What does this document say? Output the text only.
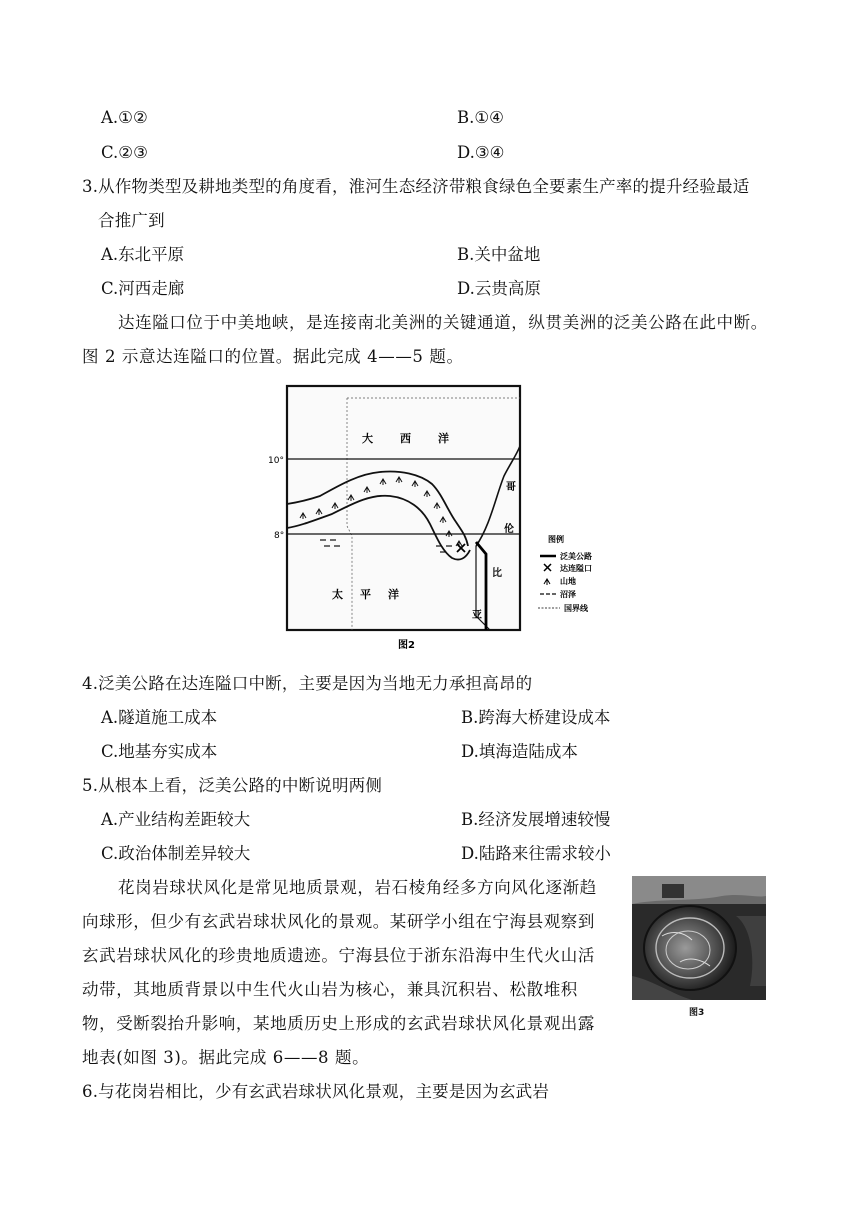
A.①②	B.①④
C.②③	D.③④
3.从作物类型及耕地类型的角度看，淮河生态经济带粮食绿色全要素生产率的提升经验最适
合推广到
A.东北平原	B.关中盆地
C.河西走廊	D.云贵高原
达连隘口位于中美地峡，是连接南北美洲的关键通道，纵贯美洲的泛美公路在此中断。
图 2 示意达连隘口的位置。据此完成 4——5 题。
10°
8°
大 西 洋
太 平 洋
哥
伦
比
亚
图例
泛美公路
达连隘口
山地
沼泽
国界线
图2
4.泛美公路在达连隘口中断，主要是因为当地无力承担高昂的
A.隧道施工成本	B.跨海大桥建设成本
C.地基夯实成本	D.填海造陆成本
5.从根本上看，泛美公路的中断说明两侧
A.产业结构差距较大	B.经济发展增速较慢
C.政治体制差异较大	D.陆路来往需求较小
花岗岩球状风化是常见地质景观，岩石棱角经多方向风化逐渐趋
向球形，但少有玄武岩球状风化的景观。某研学小组在宁海县观察到
玄武岩球状风化的珍贵地质遗迹。宁海县位于浙东沿海中生代火山活
动带，其地质背景以中生代火山岩为核心，兼具沉积岩、松散堆积
物，受断裂抬升影响，某地质历史上形成的玄武岩球状风化景观出露
地表(如图 3)。据此完成 6——8 题。
图3
6.与花岗岩相比，少有玄武岩球状风化景观，主要是因为玄武岩
